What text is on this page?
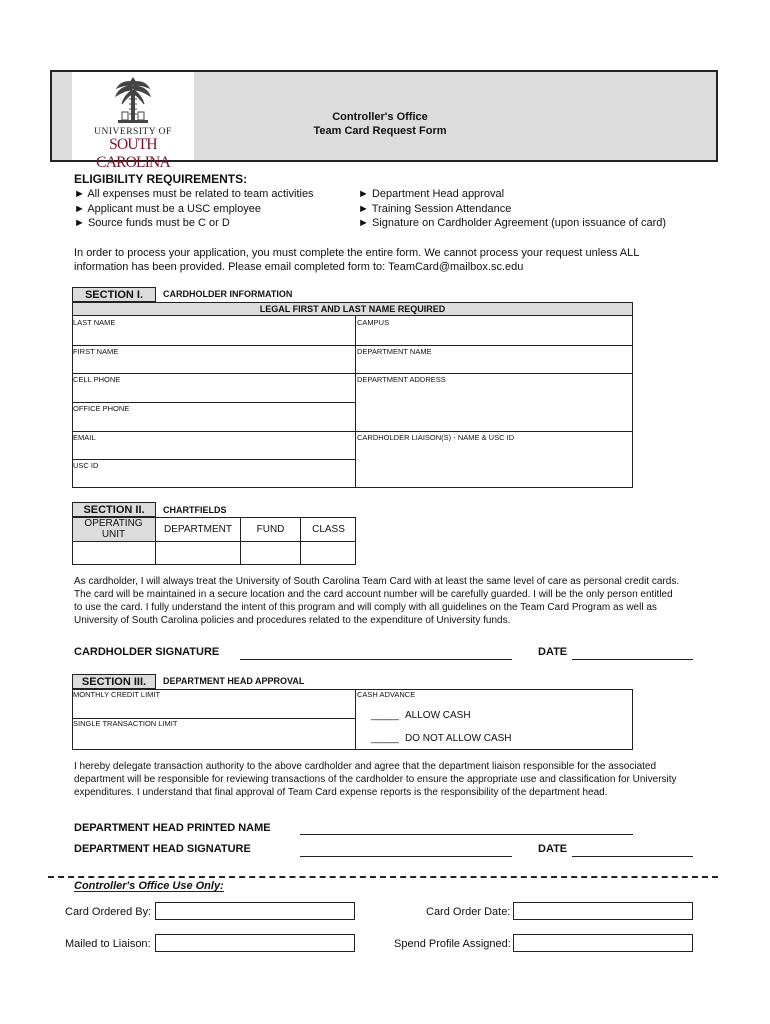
UNIVERSITY OF
SOUTH CAROLINA
Controller's Office
Team Card Request Form
ELIGIBILITY REQUIREMENTS:
► All expenses must be related to team activities
► Applicant must be a USC employee
► Source funds must be C or D
► Department Head approval
► Training Session Attendance
► Signature on Cardholder Agreement (upon issuance of card)
In order to process your application, you must complete the entire form. We cannot process your request unless ALL
information has been provided. Please email completed form to: TeamCard@mailbox.sc.edu
SECTION I.	CARDHOLDER INFORMATION
LEGAL FIRST AND LAST NAME REQUIRED
LAST NAME
FIRST NAME
CELL PHONE
OFFICE PHONE
EMAIL
USC ID
CAMPUS
DEPARTMENT NAME
DEPARTMENT ADDRESS
CARDHOLDER LIAISON(S) - NAME & USC ID
SECTION II.	CHARTFIELDS
OPERATING
UNIT	DEPARTMENT	FUND	CLASS
As cardholder, I will always treat the University of South Carolina Team Card with at least the same level of care as personal credit cards.
The card will be maintained in a secure location and the card account number will be carefully guarded. I will be the only person entitled
to use the card. I fully understand the intent of this program and will comply with all guidelines on the Team Card Program as well as
University of South Carolina policies and procedures related to the expenditure of University funds.
CARDHOLDER SIGNATURE	DATE
SECTION III.	DEPARTMENT HEAD APPROVAL
MONTHLY CREDIT LIMIT
SINGLE TRANSACTION LIMIT
CASH ADVANCE
_____ ALLOW CASH
_____ DO NOT ALLOW CASH
I hereby delegate transaction authority to the above cardholder and agree that the department liaison responsible for the associated
department will be responsible for reviewing transactions of the cardholder to ensure the appropriate use and classification for University
expenditures. I understand that final approval of Team Card expense reports is the responsibility of the department head.
DEPARTMENT HEAD PRINTED NAME
DEPARTMENT HEAD SIGNATURE	DATE
Controller's Office Use Only:
Card Ordered By:	Card Order Date:
Mailed to Liaison:	Spend Profile Assigned:
